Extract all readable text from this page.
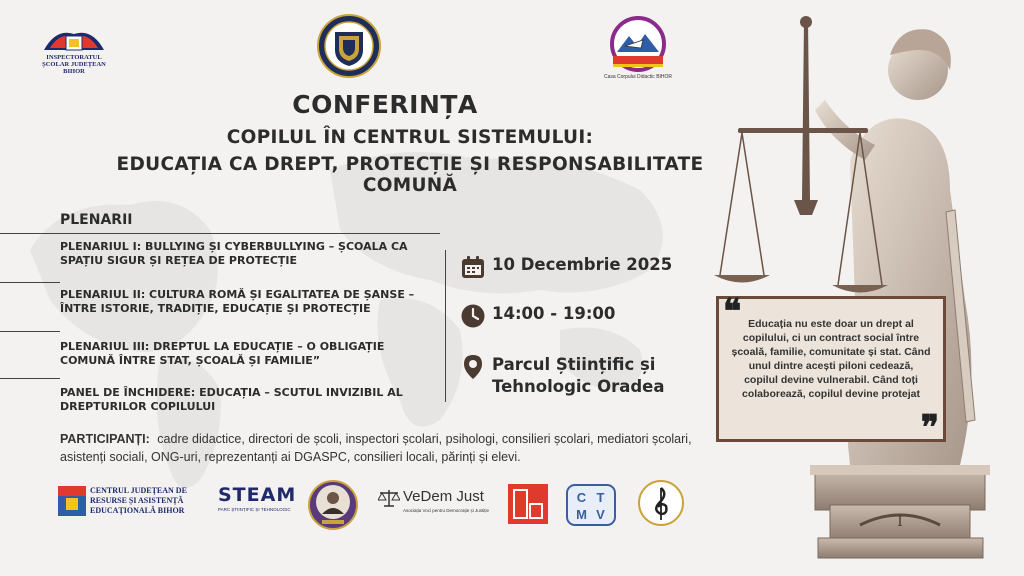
INSPECTORATUL ȘCOLAR JUDEȚEAN BIHOR
Casa Corpului Didactic BIHOR
I
CONFERINȚA
COPILUL ÎN CENTRUL SISTEMULUI:
EDUCAȚIA CA DREPT, PROTECȚIE ȘI RESPONSABILITATE COMUNĂ
PLENARII
PLENARIUL I: BULLYING ȘI CYBERBULLYING – ȘCOALA CA SPAȚIU SIGUR ȘI REȚEA DE PROTECȚIE
PLENARIUL II: CULTURA ROMĂ ȘI EGALITATEA DE ȘANSE – ÎNTRE ISTORIE, TRADIȚIE, EDUCAȚIE ȘI PROTECȚIE
PLENARIUL III: DREPTUL LA EDUCAȚIE – O OBLIGAȚIE COMUNĂ ÎNTRE STAT, ȘCOALĂ ȘI FAMILIE”
PANEL DE ÎNCHIDERE: EDUCAȚIA – SCUTUL INVIZIBIL AL DREPTURILOR COPILULUI
10 Decembrie 2025
14:00 - 19:00
Parcul Științific și
Tehnologic Oradea
PARTICIPANȚI: cadre didactice, directori de școli, inspectori școlari, psihologi, consilieri școlari, mediatori școlari, asistenți sociali, ONG-uri, reprezentanți ai DGASPC, consilieri locali, părinți și elevi.
❝ Educația nu este doar un drept al copilului, ci un contract social între școală, familie, comunitate și stat. Când unul dintre acești piloni cedează, copilul devine vulnerabil. Când toți colaborează, copilul devine protejat
❞
CENTRUL JUDEȚEAN DE RESURSE ȘI ASISTENȚĂ EDUCAȚIONALĂ BIHOR
STEAM
PARC ȘTIINȚIFIC ȘI TEHNOLOGIC
VeDem Just
Asociația Voci pentru Democrație și Justiție
C T
M V
